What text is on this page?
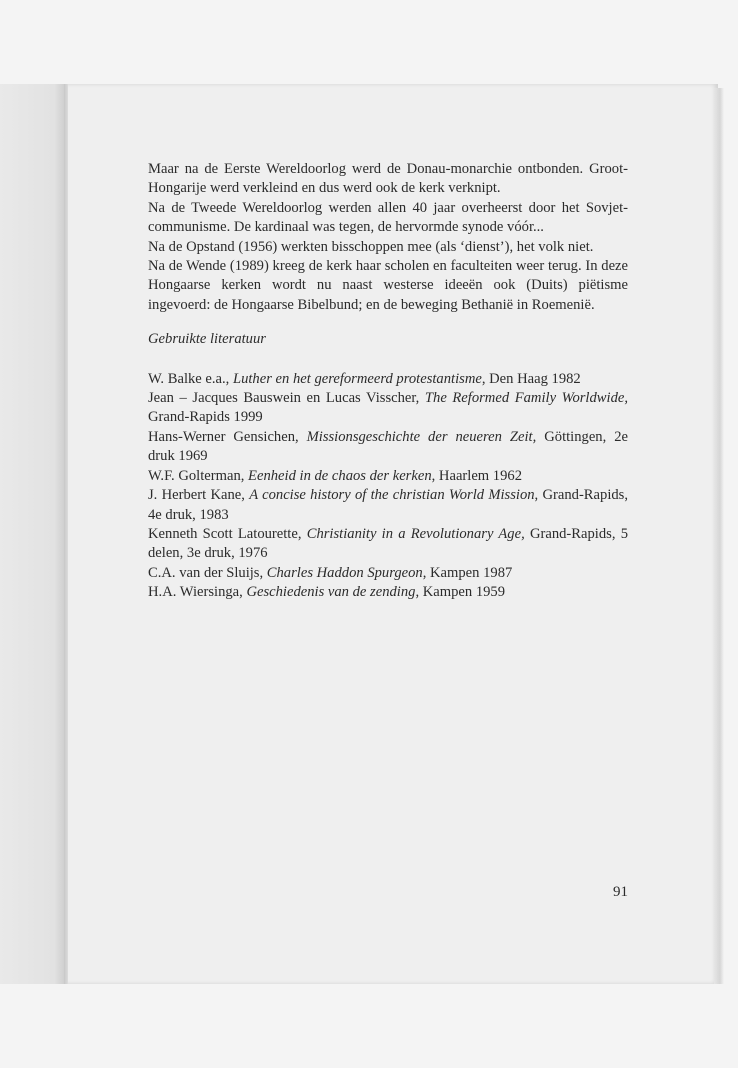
Maar na de Eerste Wereldoorlog werd de Donau-monarchie ontbonden. Groot-Hongarije werd verkleind en dus werd ook de kerk verknipt.

Na de Tweede Wereldoorlog werden allen 40 jaar overheerst door het Sovjet-communisme. De kardinaal was tegen, de hervormde synode vóór...

Na de Opstand (1956) werkten bisschoppen mee (als ‘dienst’), het volk niet.

Na de Wende (1989) kreeg de kerk haar scholen en faculteiten weer terug. In deze Hongaarse kerken wordt nu naast westerse ideeën ook (Duits) piëtisme ingevoerd: de Hongaarse Bibelbund; en de beweging Bethanië in Roemenië.

Gebruikte literatuur

W. Balke e.a., Luther en het gereformeerd protestantisme, Den Haag 1982

Jean – Jacques Bauswein en Lucas Visscher, The Reformed Family Worldwide, Grand-Rapids 1999

Hans-Werner Gensichen, Missionsgeschichte der neueren Zeit, Göttingen, 2e druk 1969

W.F. Golterman, Eenheid in de chaos der kerken, Haarlem 1962

J. Herbert Kane, A concise history of the christian World Mission, Grand-Rapids, 4e druk, 1983

Kenneth Scott Latourette, Christianity in a Revolutionary Age, Grand-Rapids, 5 delen, 3e druk, 1976

C.A. van der Sluijs, Charles Haddon Spurgeon, Kampen 1987

H.A. Wiersinga, Geschiedenis van de zending, Kampen 1959

91
